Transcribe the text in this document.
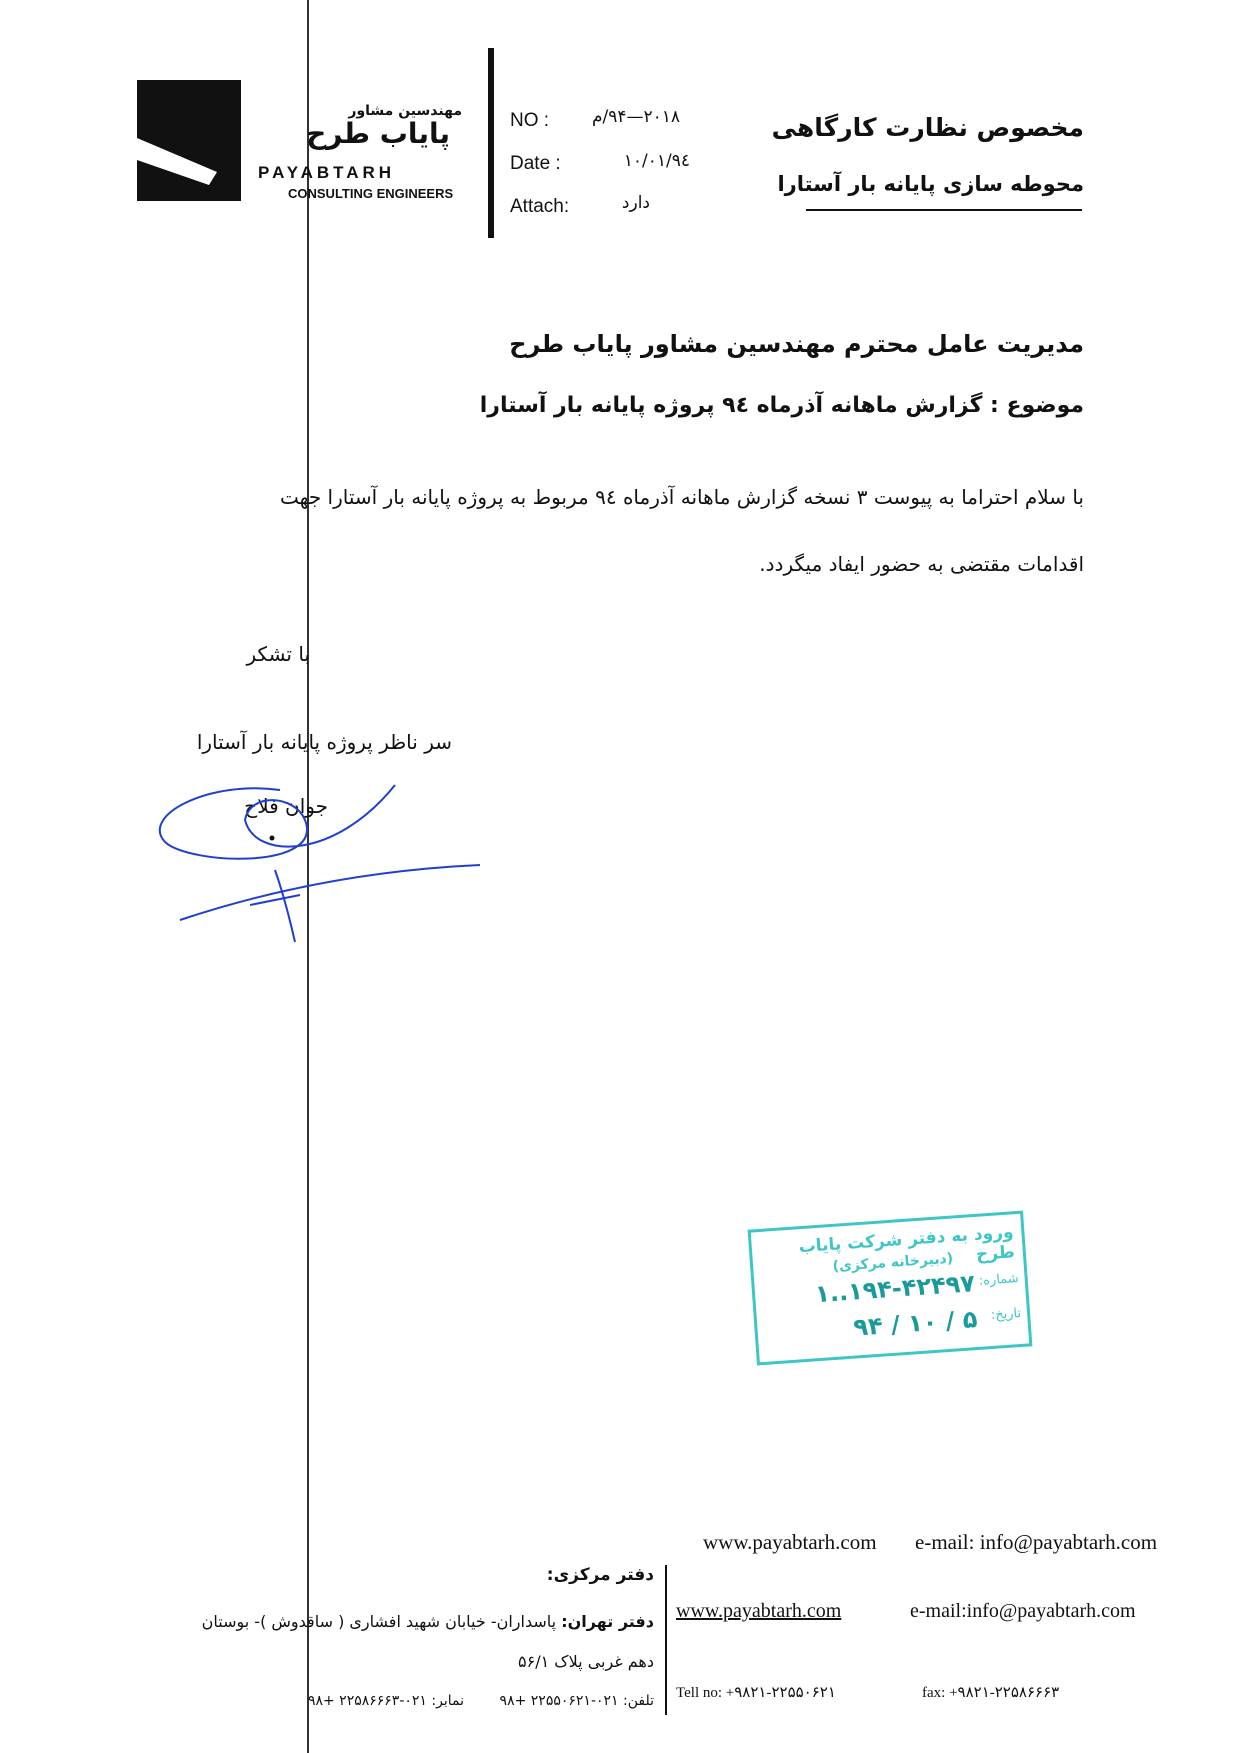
مهندسین مشاور
پایاب طرح
PAYABTARH
CONSULTING ENGINEERS
NO :	۲۰۱۸—۹۴/م
Date :	۹٤/۱۰/۰۱
Attach:	دارد
مخصوص نظارت کارگاهی
محوطه سازی پایانه بار آستارا
مدیریت عامل محترم مهندسین مشاور پایاب طرح
موضوع : گزارش ماهانه آذرماه ۹٤ پروژه پایانه بار آستارا
با سلام احتراما به پیوست ۳ نسخه گزارش ماهانه آذرماه ۹٤ مربوط به پروژه پایانه بار آستارا جهت
اقدامات مقتضی به حضور ایفاد میگردد.
با تشکر
سر ناظر پروژه پایانه بار آستارا
جوان فلاح
ورود به دفتر شرکت پایاب طرح
(دبیرخانه مرکزی)
شماره:
۱..۱۹۴-۴۲۴۹۷
تاریخ:
۹۴ / ۱۰ / ۵
www.payabtarh.com e-mail: info@payabtarh.com
دفتر مرکزی:
دفتر تهران: پاسداران- خیابان شهید افشاری ( ساقدوش )- بوستان
دهم غربی پلاک ۵۶/۱
تلفن: ۰۲۱-۲۲۵۵۰۶۲۱ +۹۸
نمابر: ۰۲۱-۲۲۵۸۶۶۶۳ +۹۸
www.payabtarh.com	e-mail:info@payabtarh.com
Tell no: +۹۸۲۱-۲۲۵۵۰۶۲۱	fax: +۹۸۲۱-۲۲۵۸۶۶۶۳
